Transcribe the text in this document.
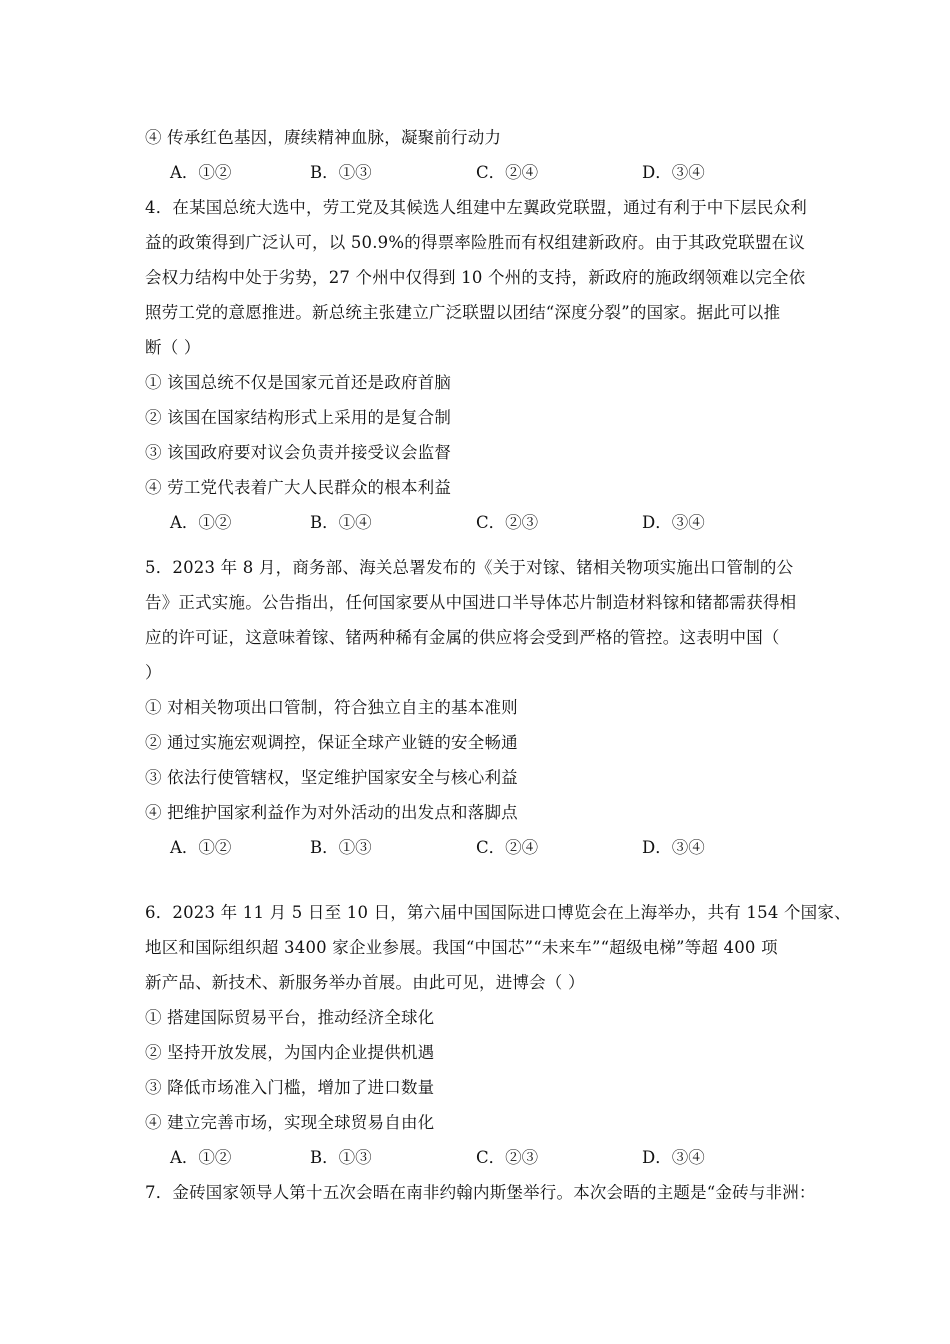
④ 传承红色基因，赓续精神血脉，凝聚前行动力
A．①②	B．①③	C．②④	D．③④
4．在某国总统大选中，劳工党及其候选人组建中左翼政党联盟，通过有利于中下层民众利
益的政策得到广泛认可，以 50.9%的得票率险胜而有权组建新政府。由于其政党联盟在议
会权力结构中处于劣势，27 个州中仅得到 10 个州的支持，新政府的施政纲领难以完全依
照劳工党的意愿推进。新总统主张建立广泛联盟以团结“深度分裂”的国家。据此可以推
断（ ）
① 该国总统不仅是国家元首还是政府首脑
② 该国在国家结构形式上采用的是复合制
③ 该国政府要对议会负责并接受议会监督
④ 劳工党代表着广大人民群众的根本利益
A．①②	B．①④	C．②③	D．③④
5．2023 年 8 月，商务部、海关总署发布的《关于对镓、锗相关物项实施出口管制的公
告》正式实施。公告指出，任何国家要从中国进口半导体芯片制造材料镓和锗都需获得相
应的许可证，这意味着镓、锗两种稀有金属的供应将会受到严格的管控。这表明中国（
）
① 对相关物项出口管制，符合独立自主的基本准则
② 通过实施宏观调控，保证全球产业链的安全畅通
③ 依法行使管辖权，坚定维护国家安全与核心利益
④ 把维护国家利益作为对外活动的出发点和落脚点
A．①②	B．①③	C．②④	D．③④
6．2023 年 11 月 5 日至 10 日，第六届中国国际进口博览会在上海举办，共有 154 个国家、
地区和国际组织超 3400 家企业参展。我国“中国芯”“未来车”“超级电梯”等超 400 项
新产品、新技术、新服务举办首展。由此可见，进博会（ ）
① 搭建国际贸易平台，推动经济全球化
② 坚持开放发展，为国内企业提供机遇
③ 降低市场准入门槛，增加了进口数量
④ 建立完善市场，实现全球贸易自由化
A．①②	B．①③	C．②③	D．③④
7．金砖国家领导人第十五次会晤在南非约翰内斯堡举行。本次会晤的主题是“金砖与非洲：
